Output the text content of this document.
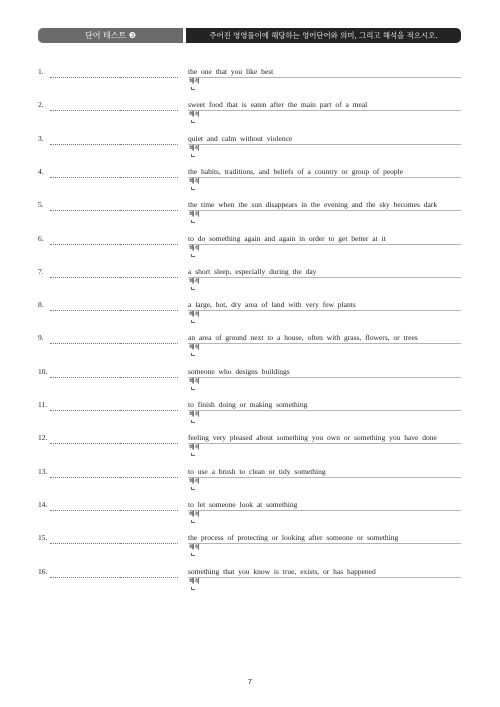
단어 테스트 ❸	주어진 영영풀이에 해당하는 영어단어와 의미, 그리고 해석을 적으시오.
1.	the one that you like best
해석
2.	sweet food that is eaten after the main part of a meal
해석
3.	quiet and calm without violence
해석
4.	the habits, traditions, and beliefs of a country or group of people
해석
5.	the time when the sun disappears in the evening and the sky becomes dark
해석
6.	to do something again and again in order to get better at it
해석
7.	a short sleep, especially during the day
해석
8.	a large, hot, dry area of land with very few plants
해석
9.	an area of ground next to a house, often with grass, flowers, or trees
해석
10.	someone who designs buildings
해석
11.	to finish doing or making something
해석
12.	feeling very pleased about something you own or something you have done
해석
13.	to use a brush to clean or tidy something
해석
14.	to let someone look at something
해석
15.	the process of protecting or looking after someone or something
해석
16.	something that you know is true, exists, or has happened
해석
7
